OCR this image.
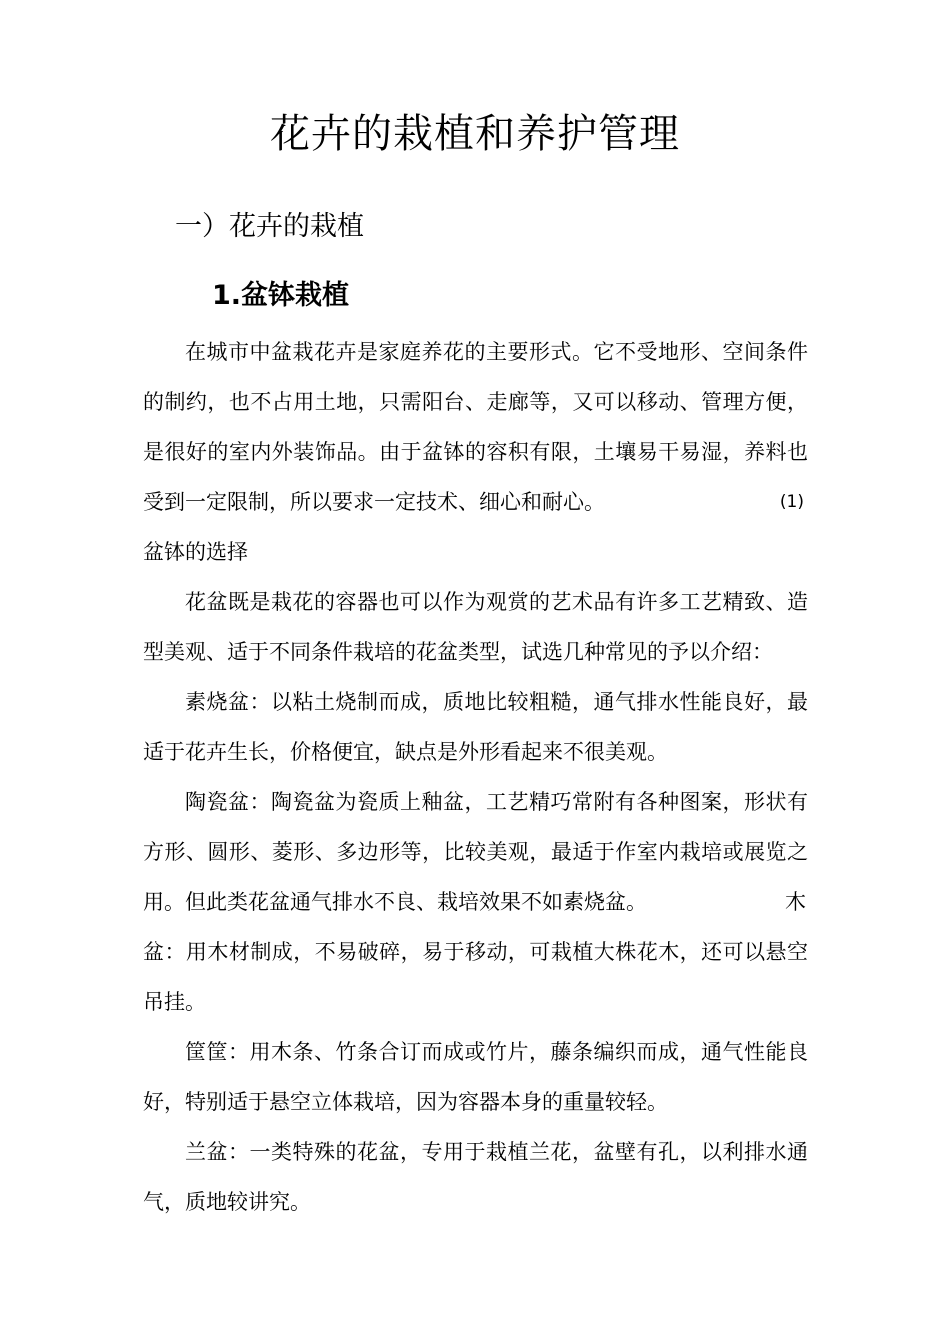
花卉的栽植和养护管理
一）花卉的栽植
1.盆钵栽植

在城市中盆栽花卉是家庭养花的主要形式。它不受地形、空间条件的制约，也不占用土地，只需阳台、走廊等，又可以移动、管理方便，是很好的室内外装饰品。由于盆钵的容积有限，土壤易干易湿，养料也受到一定限制，所以要求一定技术、细心和耐心。	(1)

盆钵的选择

花盆既是栽花的容器也可以作为观赏的艺术品有许多工艺精致、造型美观、适于不同条件栽培的花盆类型，试选几种常见的予以介绍：

素烧盆：以粘土烧制而成，质地比较粗糙，通气排水性能良好，最适于花卉生长，价格便宜，缺点是外形看起来不很美观。

陶瓷盆：陶瓷盆为瓷质上釉盆，工艺精巧常附有各种图案，形状有方形、圆形、菱形、多边形等，比较美观，最适于作室内栽培或展览之用。但此类花盆通气排水不良、栽培效果不如素烧盆。	木

盆：用木材制成，不易破碎，易于移动，可栽植大株花木，还可以悬空吊挂。

筐筐：用木条、竹条合订而成或竹片，藤条编织而成，通气性能良好，特别适于悬空立体栽培，因为容器本身的重量较轻。

兰盆：一类特殊的花盆，专用于栽植兰花，盆壁有孔，以利排水通气，质地较讲究。
